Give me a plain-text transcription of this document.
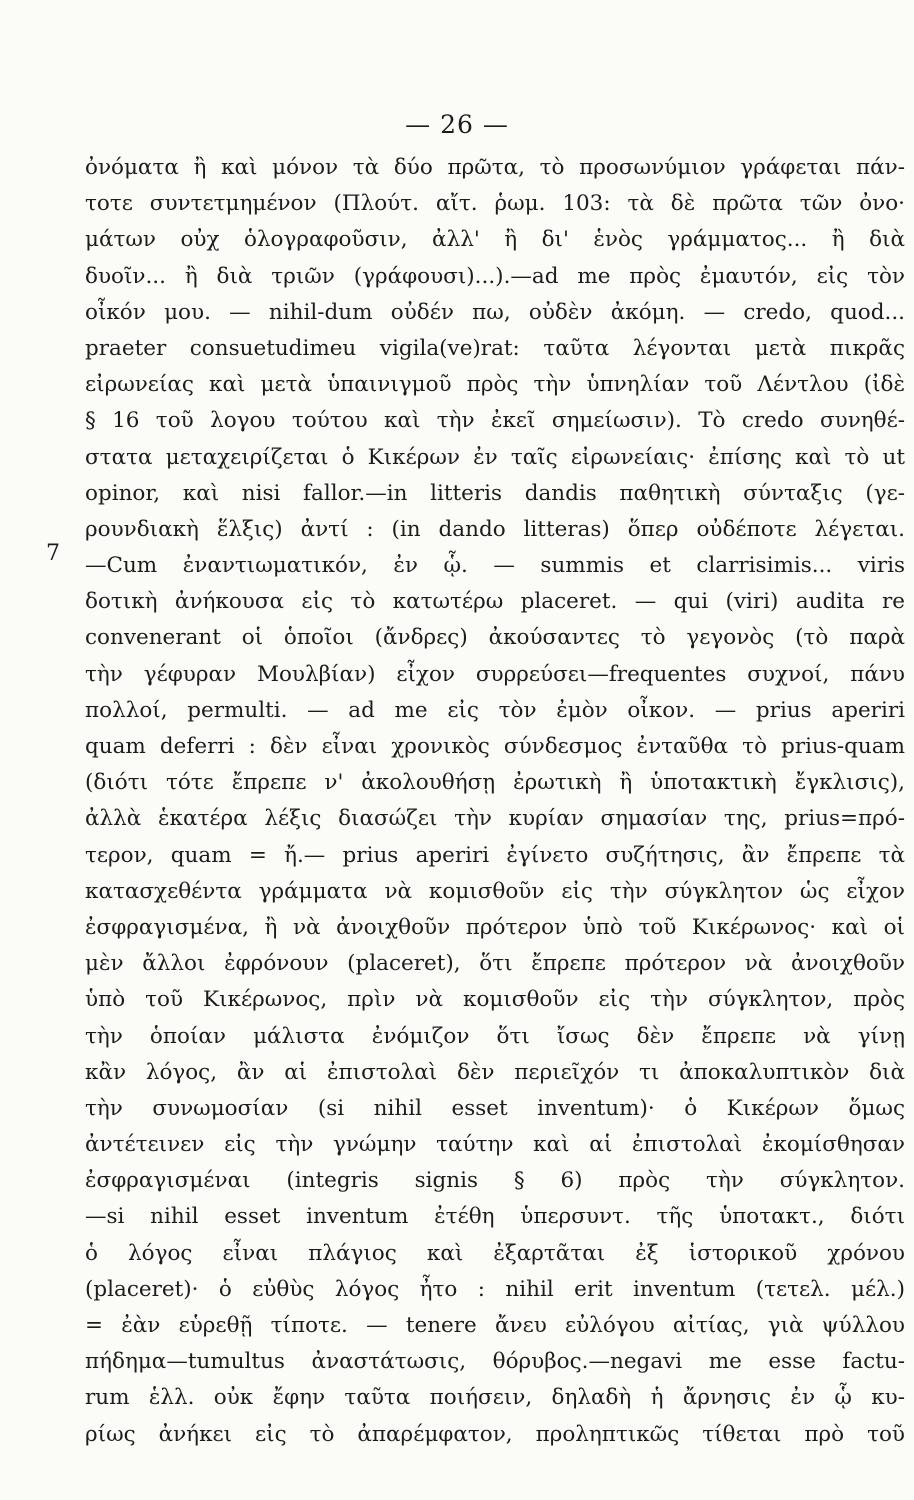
— 26 —
7
ὀνόματα ἢ καὶ μόνον τὰ δύο πρῶτα, τὸ προσωνύμιον γράφεται πάν-
τοτε συντετμημένον (Πλούτ. αἴτ. ῥωμ. 103: τὰ δὲ πρῶτα τῶν ὀνο·
μάτων οὐχ ὁλογραφοῦσιν, ἀλλ' ἢ δι' ἑνὸς γράμματος... ἢ διὰ
δυοῖν... ἢ διὰ τριῶν (γράφουσι)...).—ad me πρὸς ἐμαυτόν, εἰς τὸν
οἶκόν μου. — nihil-dum οὐδέν πω, οὐδὲν ἀκόμη. — credo, quod...
praeter consuetudimeu vigila(ve)rat: ταῦτα λέγονται μετὰ πικρᾶς
εἰρωνείας καὶ μετὰ ὑπαινιγμοῦ πρὸς τὴν ὑπνηλίαν τοῦ Λέντλου (ἰδὲ
§ 16 τοῦ λογου τούτου καὶ τὴν ἐκεῖ σημείωσιν). Τὸ credo συνηθέ-
στατα μεταχειρίζεται ὁ Κικέρων ἐν ταῖς εἰρωνείαις· ἐπίσης καὶ τὸ ut
opinor, καὶ nisi fallor.—in litteris dandis παθητικὴ σύνταξις (γε-
ρουνδιακὴ ἕλξις) ἀντί : (in dando litteras) ὅπερ οὐδέποτε λέγεται.
—Cum ἐναντιωματικόν, ἐν ᾧ. — summis et clarrisimis... viris
δοτικὴ ἀνήκουσα εἰς τὸ κατωτέρω placeret. — qui (viri) audita re
convenerant οἱ ὁποῖοι (ἄνδρες) ἀκούσαντες τὸ γεγονὸς (τὸ παρὰ
τὴν γέφυραν Μουλβίαν) εἶχον συρρεύσει—frequentes συχνοί, πάνυ
πολλοί, permulti. — ad me εἰς τὸν ἐμὸν οἶκον. — prius aperiri
quam deferri : δὲν εἶναι χρονικὸς σύνδεσμος ἐνταῦθα τὸ prius-quam
(διότι τότε ἔπρεπε ν' ἀκολουθήσῃ ἐρωτικὴ ἢ ὑποτακτικὴ ἔγκλισις),
ἀλλὰ ἑκατέρα λέξις διασώζει τὴν κυρίαν σημασίαν της, prius=πρό-
τερον, quam = ἤ.— prius aperiri ἐγίνετο συζήτησις, ἂν ἔπρεπε τὰ
κατασχεθέντα γράμματα νὰ κομισθοῦν εἰς τὴν σύγκλητον ὡς εἶχον
ἐσφραγισμένα, ἢ νὰ ἀνοιχθοῦν πρότερον ὑπὸ τοῦ Κικέρωνος· καὶ οἱ
μὲν ἄλλοι ἐφρόνουν (placeret), ὅτι ἔπρεπε πρότερον νὰ ἀνοιχθοῦν
ὑπὸ τοῦ Κικέρωνος, πρὶν νὰ κομισθοῦν εἰς τὴν σύγκλητον, πρὸς
τὴν ὁποίαν μάλιστα ἐνόμιζον ὅτι ἴσως δὲν ἔπρεπε νὰ γίνῃ
κἂν λόγος, ἂν αἱ ἐπιστολαὶ δὲν περιεῖχόν τι ἀποκαλυπτικὸν διὰ
τὴν συνωμοσίαν (si nihil esset inventum)· ὁ Κικέρων ὅμως
ἀντέτεινεν εἰς τὴν γνώμην ταύτην καὶ αἱ ἐπιστολαὶ ἐκομίσθησαν
ἐσφραγισμέναι (integris signis § 6) πρὸς τὴν σύγκλητον.
—si nihil esset inventum ἐτέθη ὑπερσυντ. τῆς ὑποτακτ., διότι
ὁ λόγος εἶναι πλάγιος καὶ ἐξαρτᾶται ἐξ ἱστορικοῦ χρόνου
(placeret)· ὁ εὐθὺς λόγος ἦτο : nihil erit inventum (τετελ. μέλ.)
= ἐὰν εὑρεθῇ τίποτε. — tenere ἄνευ εὐλόγου αἰτίας, γιὰ ψύλλου
πήδημα—tumultus ἀναστάτωσις, θόρυβος.—negavi me esse factu-
rum ἑλλ. οὐκ ἔφην ταῦτα ποιήσειν, δηλαδὴ ἡ ἄρνησις ἐν ᾧ κυ-
ρίως ἀνήκει εἰς τὸ ἀπαρέμφατον, προληπτικῶς τίθεται πρὸ τοῦ
